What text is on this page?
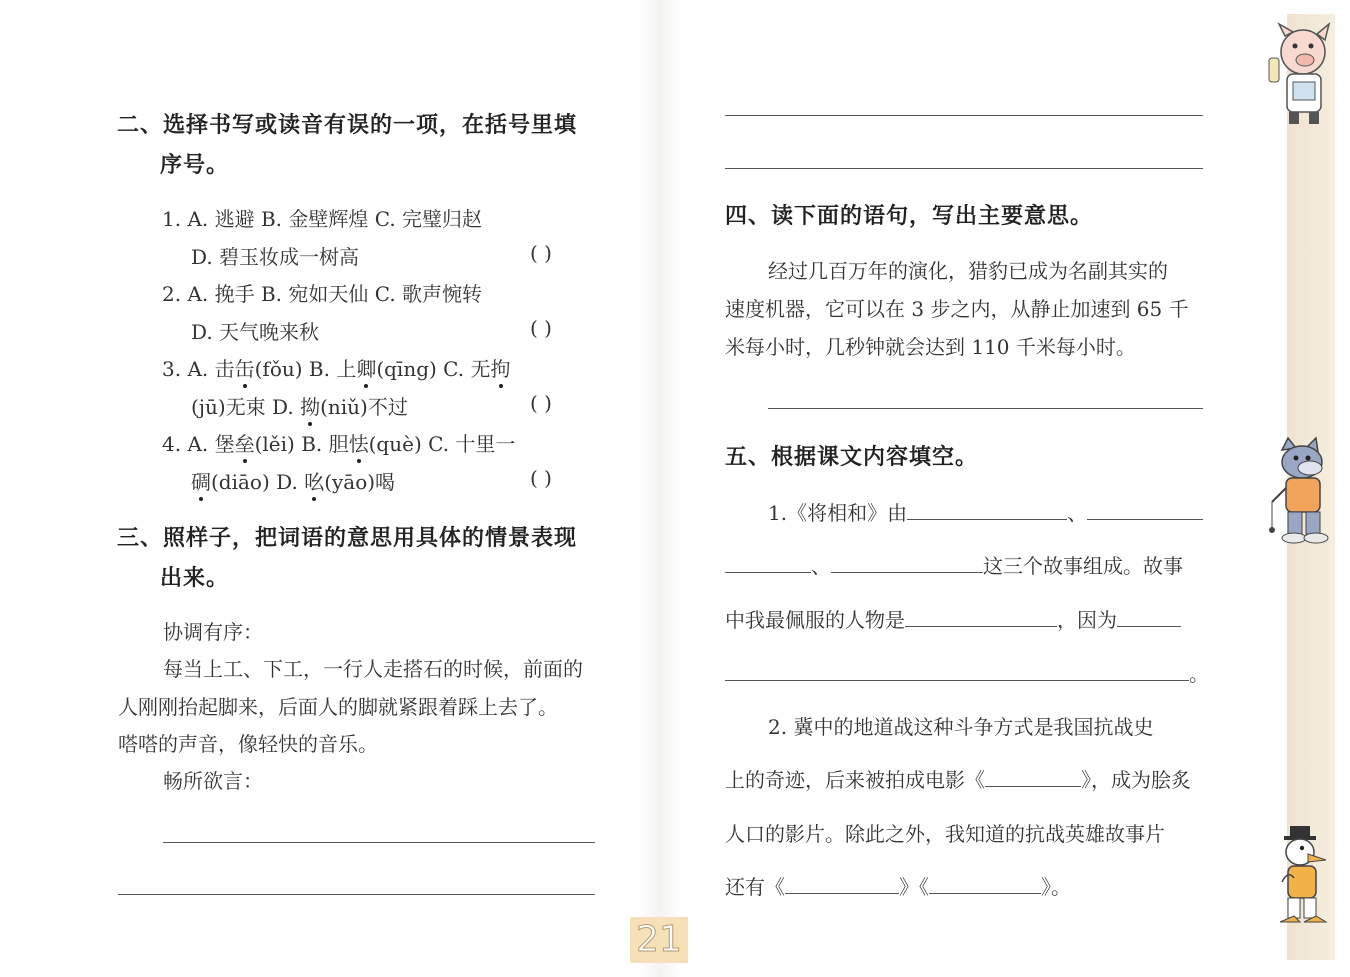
二、选择书写或读音有误的一项，在括号里填
序号。
1. A. 逃避 B. 金壁辉煌 C. 完璧归赵
D. 碧玉妆成一树高	( )
2. A. 挽手 B. 宛如天仙 C. 歌声惋转
D. 天气晚来秋	( )
3. A. 击缶(fǒu) B. 上卿(qīng) C. 无拘
(jū)无束 D. 拗(niǔ)不过	( )
4. A. 堡垒(lěi) B. 胆怯(què) C. 十里一
碉(diāo) D. 吆(yāo)喝	( )
三、照样子，把词语的意思用具体的情景表现
出来。
协调有序：
每当上工、下工，一行人走搭石的时候，前面的
人刚刚抬起脚来，后面人的脚就紧跟着踩上去了。
嗒嗒的声音，像轻快的音乐。
畅所欲言：
四、读下面的语句，写出主要意思。
经过几百万年的演化，猎豹已成为名副其实的
速度机器，它可以在 3 步之内，从静止加速到 65 千
米每小时，几秒钟就会达到 110 千米每小时。
五、根据课文内容填空。
1.《将相和》由	、
、	这三个故事组成。故事
中我最佩服的人物是	，因为
。
2. 冀中的地道战这种斗争方式是我国抗战史
上的奇迹，后来被拍成电影《	》，成为脍炙
人口的影片。除此之外，我知道的抗战英雄故事片
还有《	》《	》。
21
